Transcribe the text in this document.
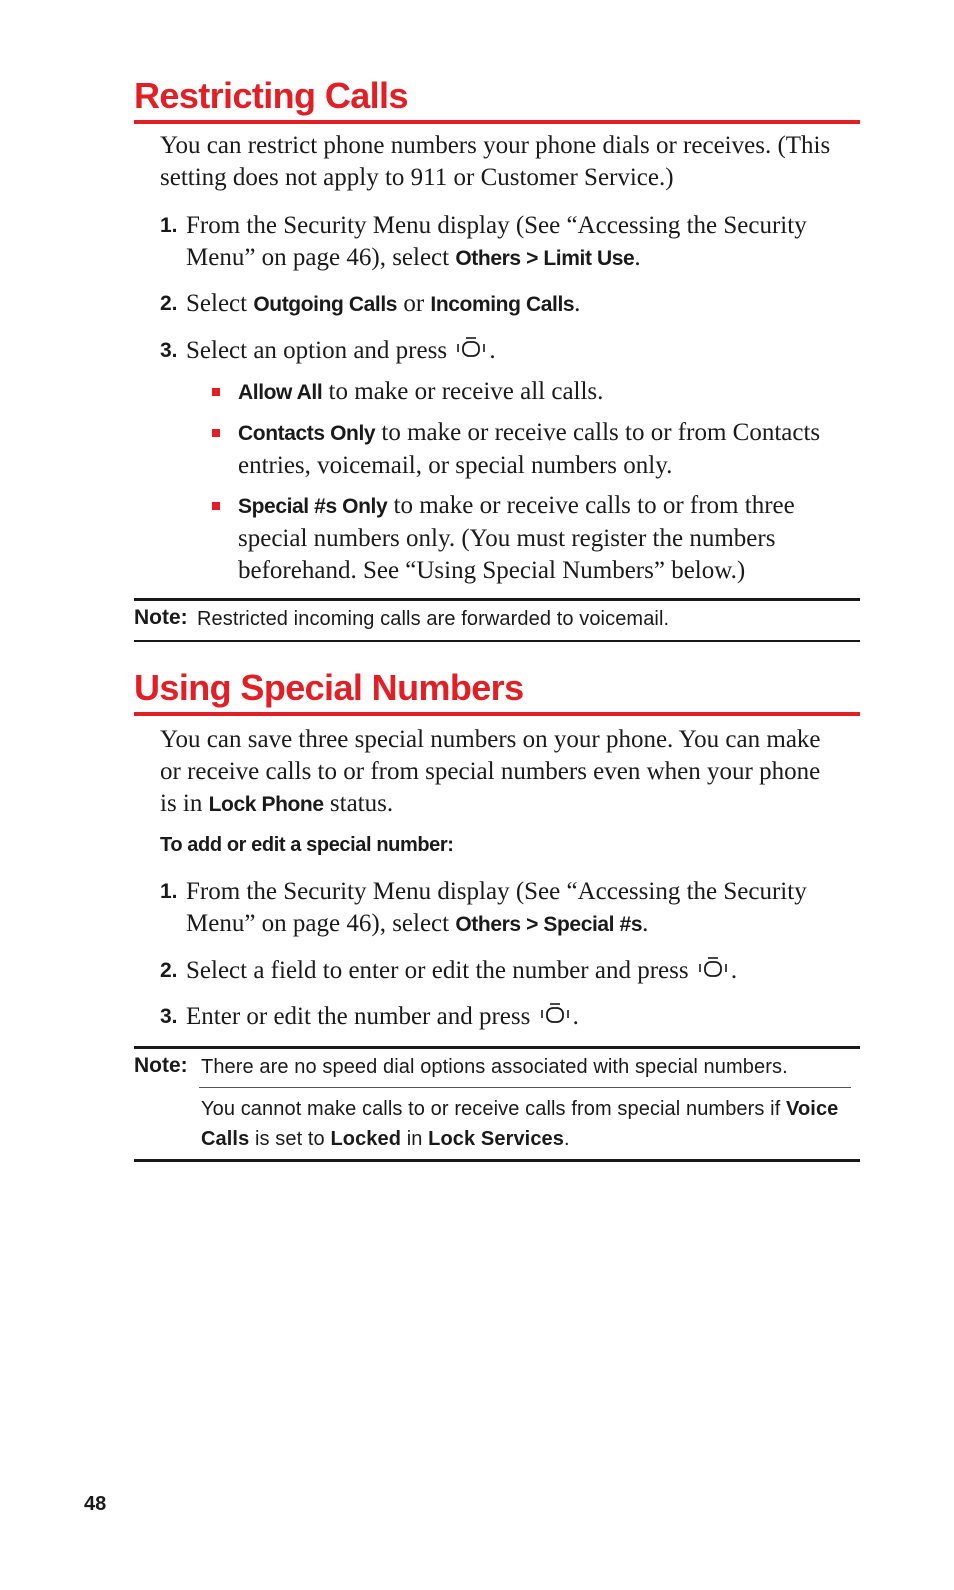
Restricting Calls

You can restrict phone numbers your phone dials or receives. (This setting does not apply to 911 or Customer Service.)

1. From the Security Menu display (See “Accessing the Security Menu” on page 46), select Others > Limit Use.

2. Select Outgoing Calls or Incoming Calls.

3. Select an option and press .

Allow All to make or receive all calls.

Contacts Only to make or receive calls to or from Contacts entries, voicemail, or special numbers only.

Special #s Only to make or receive calls to or from three special numbers only. (You must register the numbers beforehand. See “Using Special Numbers” below.)

Note: Restricted incoming calls are forwarded to voicemail.
Using Special Numbers

You can save three special numbers on your phone. You can make or receive calls to or from special numbers even when your phone is in Lock Phone status.

To add or edit a special number:
1. From the Security Menu display (See “Accessing the Security Menu” on page 46), select Others > Special #s.

2. Select a field to enter or edit the number and press .

3. Enter or edit the number and press .

Note: There are no speed dial options associated with special numbers.

You cannot make calls to or receive calls from special numbers if Voice Calls is set to Locked in Lock Services.

48
